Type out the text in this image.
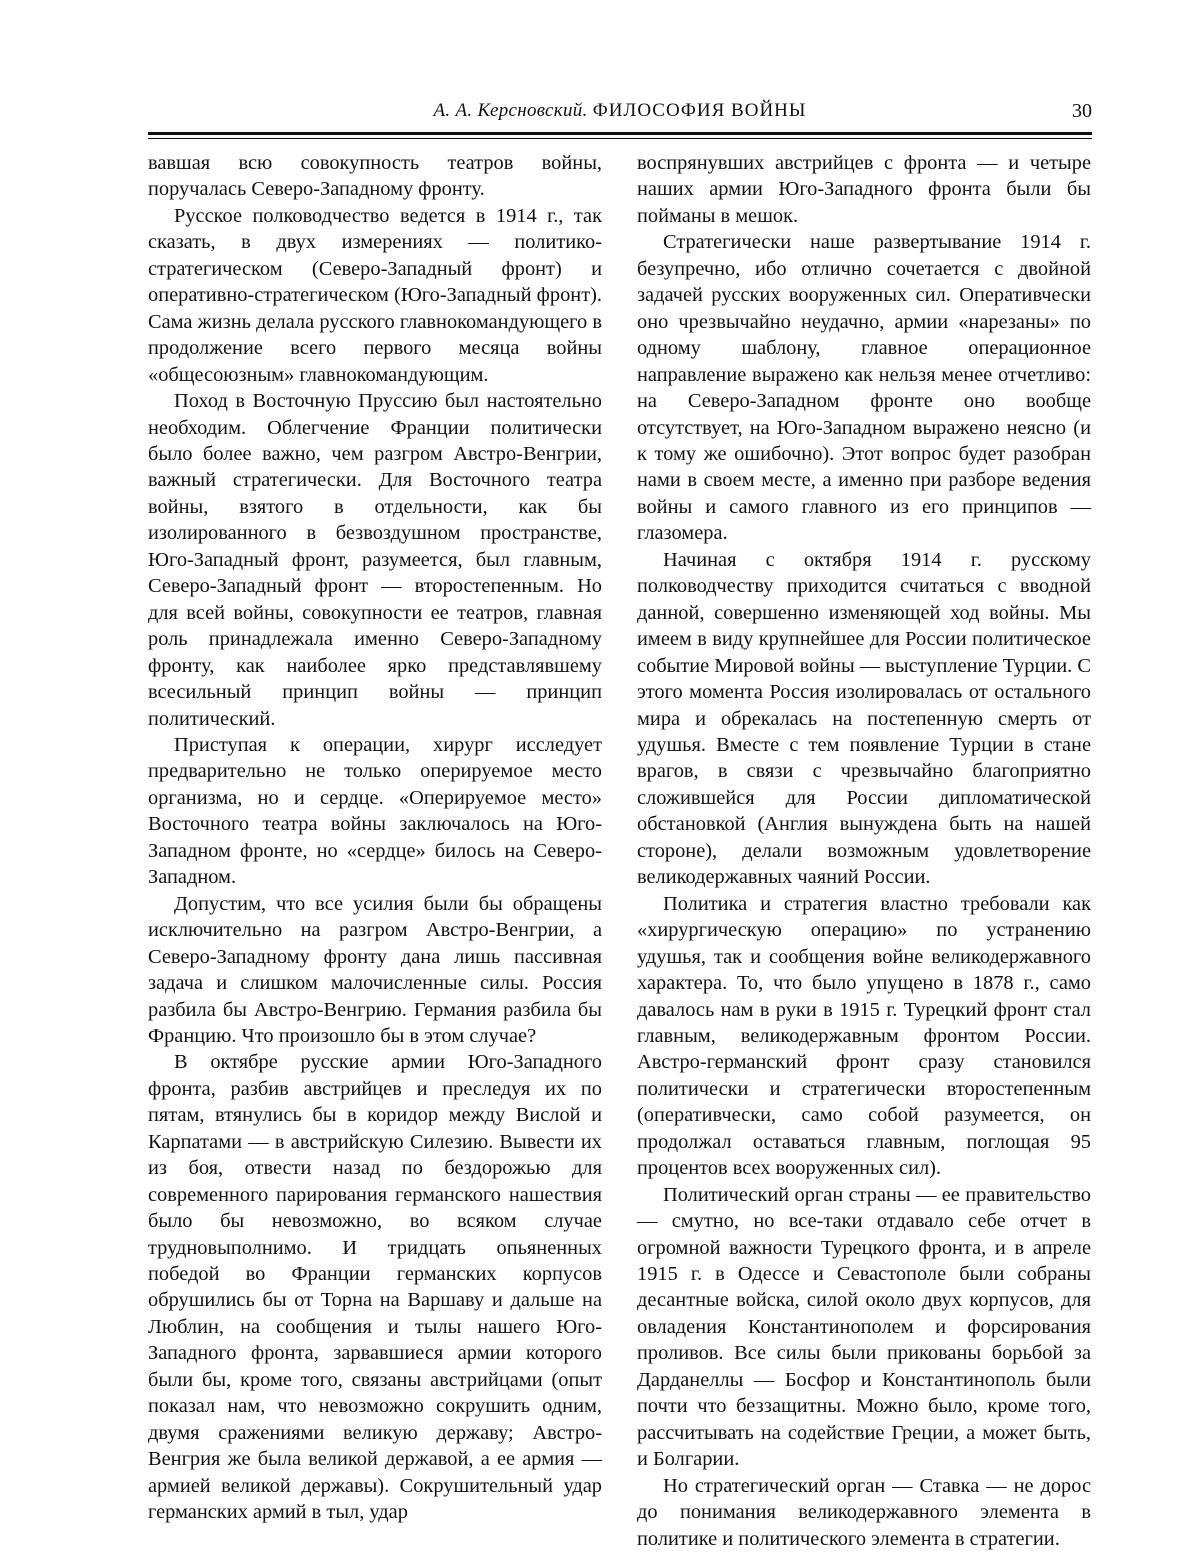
А. А. Керсновский. ФИЛОСОФИЯ ВОЙНЫ	30

вавшая всю совокупность театров войны, поручалась Северо-Западному фронту.

Русское полководчество ведется в 1914 г., так сказать, в двух измерениях — политико-стратегическом (Северо-Западный фронт) и оперативно-стратегическом (Юго-Западный фронт). Сама жизнь делала русского главнокомандующего в продолжение всего первого месяца войны «общесоюзным» главнокомандующим.

Поход в Восточную Пруссию был настоятельно необходим. Облегчение Франции политически было более важно, чем разгром Австро-Венгрии, важный стратегически. Для Восточного театра войны, взятого в отдельности, как бы изолированного в безвоздушном пространстве, Юго-Западный фронт, разумеется, был главным, Северо-Западный фронт — второстепенным. Но для всей войны, совокупности ее театров, главная роль принадлежала именно Северо-Западному фронту, как наиболее ярко представлявшему всесильный принцип войны — принцип политический.

Приступая к операции, хирург исследует предварительно не только оперируемое место организма, но и сердце. «Оперируемое место» Восточного театра войны заключалось на Юго-Западном фронте, но «сердце» билось на Северо-Западном.

Допустим, что все усилия были бы обращены исключительно на разгром Австро-Венгрии, а Северо-Западному фронту дана лишь пассивная задача и слишком малочисленные силы. Россия разбила бы Австро-Венгрию. Германия разбила бы Францию. Что произошло бы в этом случае?

В октябре русские армии Юго-Западного фронта, разбив австрийцев и преследуя их по пятам, втянулись бы в коридор между Вислой и Карпатами — в австрийскую Силезию. Вывести их из боя, отвести назад по бездорожью для современного парирования германского нашествия было бы невозможно, во всяком случае трудновыполнимо. И тридцать опьяненных победой во Франции германских корпусов обрушились бы от Торна на Варшаву и дальше на Люблин, на сообщения и тылы нашего Юго-Западного фронта, зарвавшиеся армии которого были бы, кроме того, связаны австрийцами (опыт показал нам, что невозможно сокрушить одним, двумя сражениями великую державу; Австро-Венгрия же была великой державой, а ее армия — армией великой державы). Сокрушительный удар германских армий в тыл, удар

воспрянувших австрийцев с фронта — и четыре наших армии Юго-Западного фронта были бы пойманы в мешок.

Стратегически наше развертывание 1914 г. безупречно, ибо отлично сочетается с двойной задачей русских вооруженных сил. Оперативчески оно чрезвычайно неудачно, армии «нарезаны» по одному шаблону, главное операционное направление выражено как нельзя менее отчетливо: на Северо-Западном фронте оно вообще отсутствует, на Юго-Западном выражено неясно (и к тому же ошибочно). Этот вопрос будет разобран нами в своем месте, а именно при разборе ведения войны и самого главного из его принципов — глазомера.

Начиная с октября 1914 г. русскому полководчеству приходится считаться с вводной данной, совершенно изменяющей ход войны. Мы имеем в виду крупнейшее для России политическое событие Мировой войны — выступление Турции. С этого момента Россия изолировалась от остального мира и обрекалась на постепенную смерть от удушья. Вместе с тем появление Турции в стане врагов, в связи с чрезвычайно благоприятно сложившейся для России дипломатической обстановкой (Англия вынуждена быть на нашей стороне), делали возможным удовлетворение великодержавных чаяний России.

Политика и стратегия властно требовали как «хирургическую операцию» по устранению удушья, так и сообщения войне великодержавного характера. То, что было упущено в 1878 г., само давалось нам в руки в 1915 г. Турецкий фронт стал главным, великодержавным фронтом России. Австро-германский фронт сразу становился политически и стратегически второстепенным (оперативчески, само собой разумеется, он продолжал оставаться главным, поглощая 95 процентов всех вооруженных сил).

Политический орган страны — ее правительство — смутно, но все-таки отдавало себе отчет в огромной важности Турецкого фронта, и в апреле 1915 г. в Одессе и Севастополе были собраны десантные войска, силой около двух корпусов, для овладения Константинополем и форсирования проливов. Все силы были прикованы борьбой за Дарданеллы — Босфор и Константинополь были почти что беззащитны. Можно было, кроме того, рассчитывать на содействие Греции, а может быть, и Болгарии.

Но стратегический орган — Ставка — не дорос до понимания великодержавного элемента в политике и политического элемента в стратегии.
